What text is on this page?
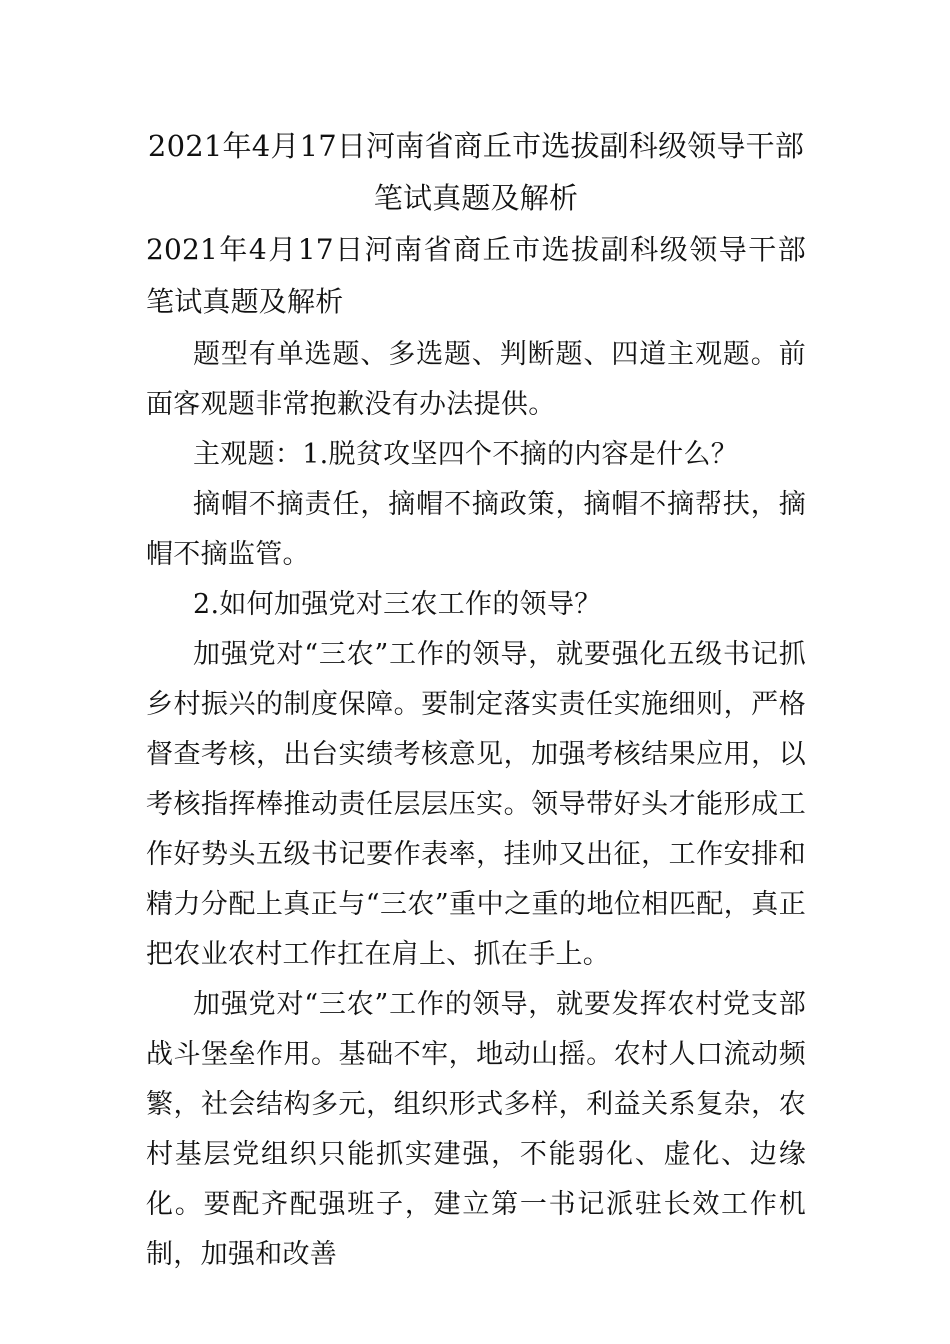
2021年4月17日河南省商丘市选拔副科级领导干部笔试真题及解析
2021年4月17日河南省商丘市选拔副科级领导干部笔试真题及解析

题型有单选题、多选题、判断题、四道主观题。前面客观题非常抱歉没有办法提供。

主观题：1.脱贫攻坚四个不摘的内容是什么？

摘帽不摘责任，摘帽不摘政策，摘帽不摘帮扶，摘帽不摘监管。

2.如何加强党对三农工作的领导？

加强党对“三农”工作的领导，就要强化五级书记抓乡村振兴的制度保障。要制定落实责任实施细则，严格督查考核，出台实绩考核意见，加强考核结果应用，以考核指挥棒推动责任层层压实。领导带好头才能形成工作好势头五级书记要作表率，挂帅又出征，工作安排和精力分配上真正与“三农”重中之重的地位相匹配，真正把农业农村工作扛在肩上、抓在手上。

加强党对“三农”工作的领导，就要发挥农村党支部战斗堡垒作用。基础不牢，地动山摇。农村人口流动频繁，社会结构多元，组织形式多样，利益关系复杂，农村基层党组织只能抓实建强，不能弱化、虚化、边缘化。要配齐配强班子，建立第一书记派驻长效工作机制，加强和改善
